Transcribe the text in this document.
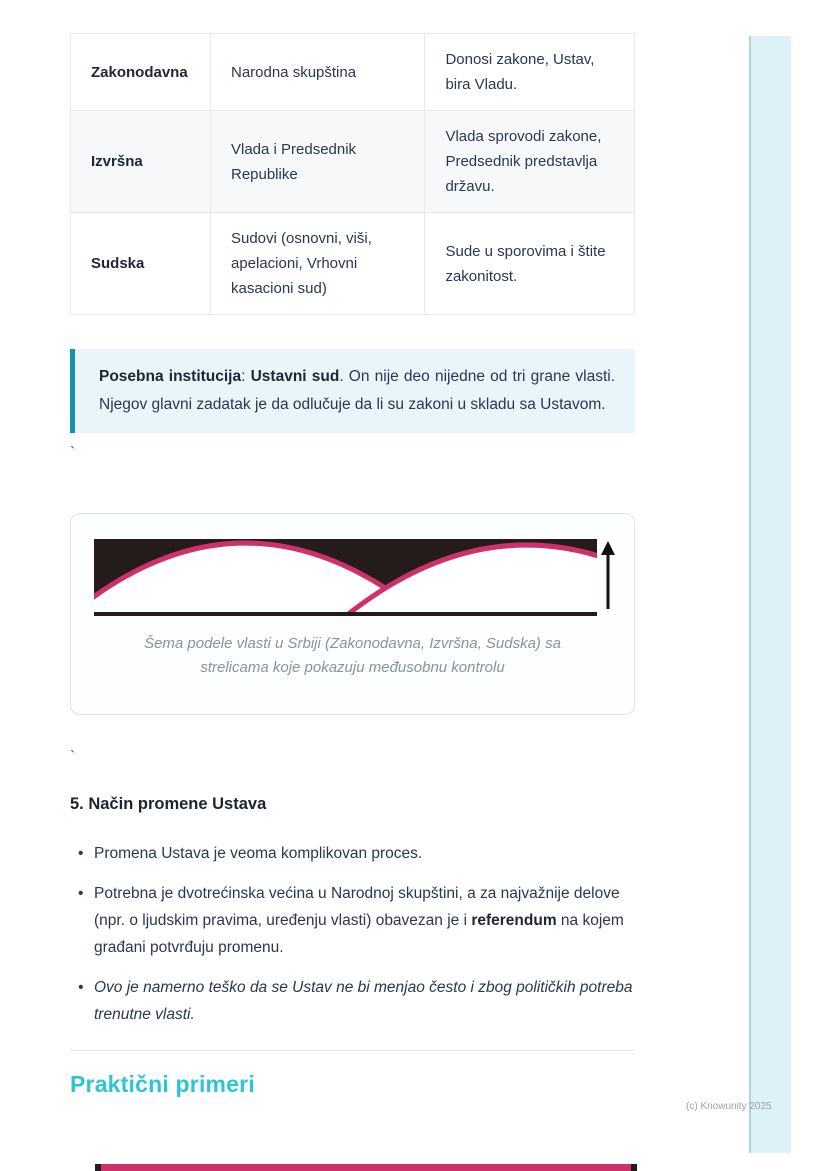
Zakonodavna	Narodna skupština	Donosi zakone, Ustav, bira Vladu.
Izvršna	Vlada i Predsednik Republike	Vlada sprovodi zakone, Predsednik predstavlja državu.
Sudska	Sudovi (osnovni, viši, apelacioni, Vrhovni kasacioni sud)	Sude u sporovima i štite zakonitost.
Posebna institucija: Ustavni sud. On nije deo nijedne od tri grane vlasti. Njegov glavni zadatak je da odlučuje da li su zakoni u skladu sa Ustavom.
`
Šema podele vlasti u Srbiji (Zakonodavna, Izvršna, Sudska) sa strelicama koje pokazuju međusobnu kontrolu
`
5. Način promene Ustava
• Promena Ustava je veoma komplikovan proces.
• Potrebna je dvotrećinska većina u Narodnoj skupštini, a za najvažnije delove (npr. o ljudskim pravima, uređenju vlasti) obavezan je i referendum na kojem građani potvrđuju promenu.
• Ovo je namerno teško da se Ustav ne bi menjao često i zbog političkih potreba trenutne vlasti.
Praktični primeri
(c) Knowunity 2025
